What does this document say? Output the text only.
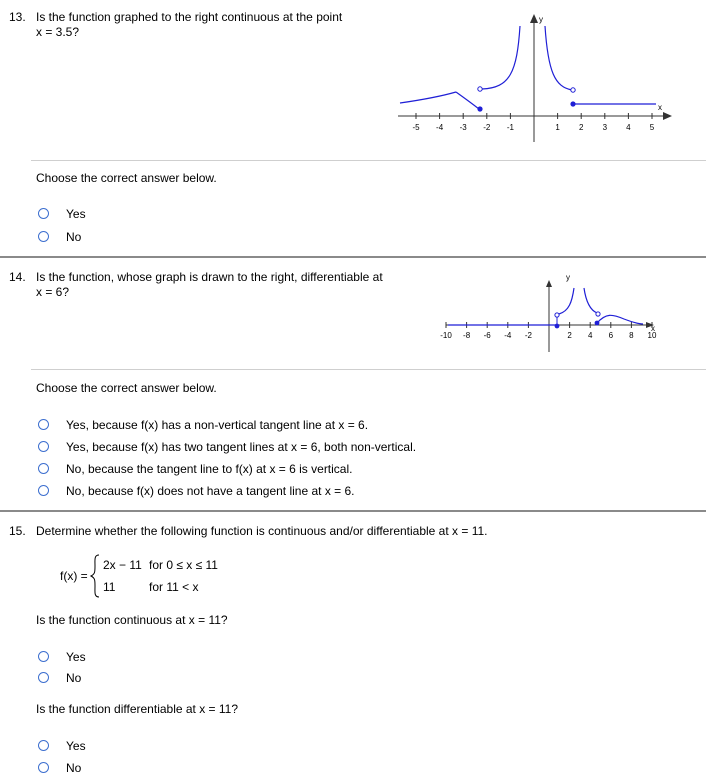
13. Is the function graphed to the right continuous at the point
x = 3.5?
x
y
-5 -4 -3 -2 -1	1 2 3 4 5
Choose the correct answer below.
Yes
No
14. Is the function, whose graph is drawn to the right, differentiable at
x = 6?
x
y
-10 -8 -6 -4 -2	2 4 6 8 10
Choose the correct answer below.
Yes, because f(x) has a non-vertical tangent line at x = 6.
Yes, because f(x) has two tangent lines at x = 6, both non-vertical.
No, because the tangent line to f(x) at x = 6 is vertical.
No, because f(x) does not have a tangent line at x = 6.
15. Determine whether the following function is continuous and/or differentiable at x = 11.
f(x) =
2x − 11 for 0 ≤ x ≤ 11
11	for 11 < x
Is the function continuous at x = 11?
Yes
No
Is the function differentiable at x = 11?
Yes
No
